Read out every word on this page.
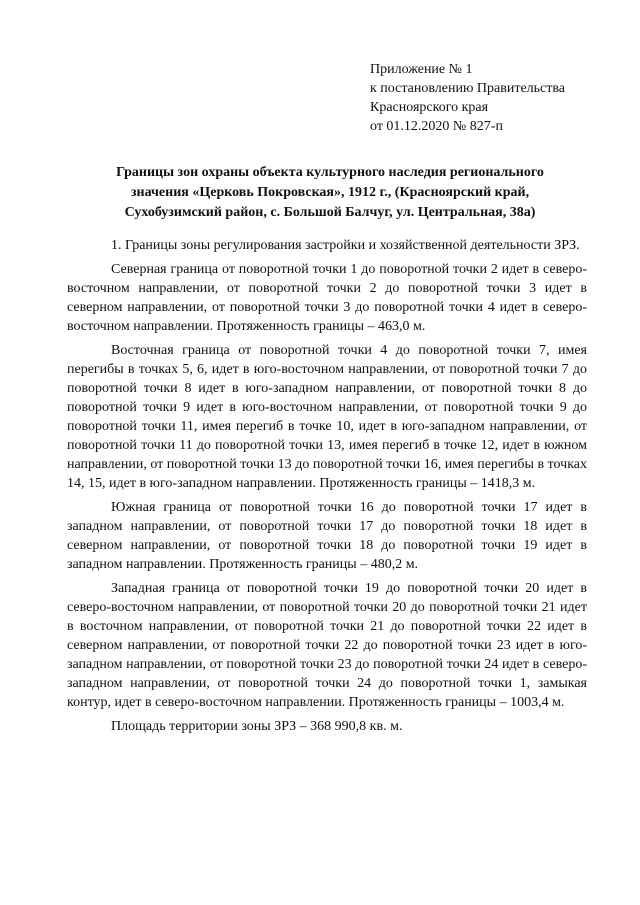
Приложение № 1
к постановлению Правительства
Красноярского края
от 01.12.2020 № 827-п
Границы зон охраны объекта культурного наследия регионального
значения «Церковь Покровская», 1912 г., (Красноярский край,
Сухобузимский район, с. Большой Балчуг, ул. Центральная, 38а)

1. Границы зоны регулирования застройки и хозяйственной деятельности ЗРЗ.

Северная граница от поворотной точки 1 до поворотной точки 2 идет в северо-восточном направлении, от поворотной точки 2 до поворотной точки 3 идет в северном направлении, от поворотной точки 3 до поворотной точки 4 идет в северо-восточном направлении. Протяженность границы – 463,0 м.

Восточная граница от поворотной точки 4 до поворотной точки 7, имея перегибы в точках 5, 6, идет в юго-восточном направлении, от поворотной точки 7 до поворотной точки 8 идет в юго-западном направлении, от поворотной точки 8 до поворотной точки 9 идет в юго-восточном направлении, от поворотной точки 9 до поворотной точки 11, имея перегиб в точке 10, идет в юго-западном направлении, от поворотной точки 11 до поворотной точки 13, имея перегиб в точке 12, идет в южном направлении, от поворотной точки 13 до поворотной точки 16, имея перегибы в точках 14, 15, идет в юго-западном направлении. Протяженность границы – 1418,3 м.

Южная граница от поворотной точки 16 до поворотной точки 17 идет в западном направлении, от поворотной точки 17 до поворотной точки 18 идет в северном направлении, от поворотной точки 18 до поворотной точки 19 идет в западном направлении. Протяженность границы – 480,2 м.

Западная граница от поворотной точки 19 до поворотной точки 20 идет в северо-восточном направлении, от поворотной точки 20 до поворотной точки 21 идет в восточном направлении, от поворотной точки 21 до поворотной точки 22 идет в северном направлении, от поворотной точки 22 до поворотной точки 23 идет в юго-западном направлении, от поворотной точки 23 до поворотной точки 24 идет в северо-западном направлении, от поворотной точки 24 до поворотной точки 1, замыкая контур, идет в северо-восточном направлении. Протяженность границы – 1003,4 м.

Площадь территории зоны ЗРЗ – 368 990,8 кв. м.
